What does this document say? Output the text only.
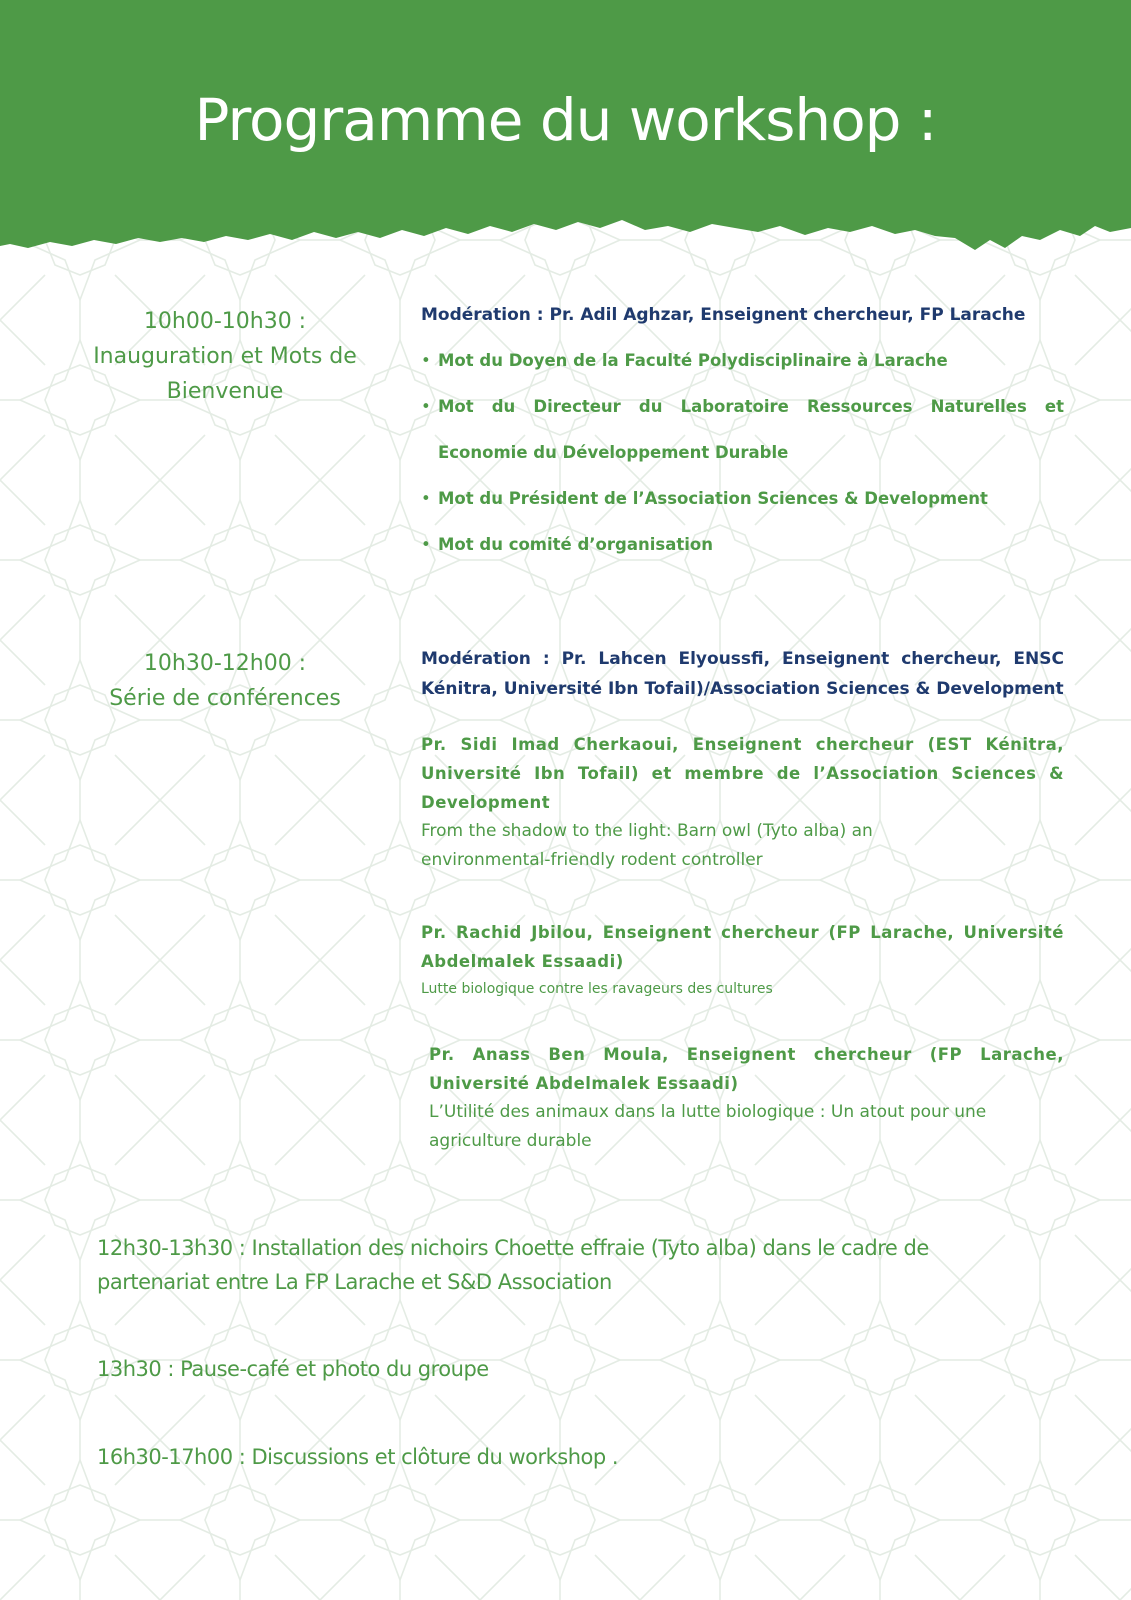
Programme du workshop :
10h00-10h30 :
Inauguration et Mots de Bienvenue
Modération : Pr. Adil Aghzar, Enseignent chercheur, FP Larache
• Mot du Doyen de la Faculté Polydisciplinaire à Larache
• Mot du Directeur du Laboratoire Ressources Naturelles et Economie du Développement Durable
• Mot du Président de l’Association Sciences & Development
• Mot du comité d’organisation
10h30-12h00 :
Série de conférences
Modération : Pr. Lahcen Elyoussfi, Enseignent chercheur, ENSC Kénitra, Université Ibn Tofail)/Association Sciences & Development
Pr. Sidi Imad Cherkaoui, Enseignent chercheur (EST Kénitra, Université Ibn Tofail) et membre de l’Association Sciences & Development
From the shadow to the light: Barn owl (Tyto alba) an environmental-friendly rodent controller
Pr. Rachid Jbilou, Enseignent chercheur (FP Larache, Université Abdelmalek Essaadi)
Lutte biologique contre les ravageurs des cultures
Pr. Anass Ben Moula, Enseignent chercheur (FP Larache, Université Abdelmalek Essaadi)
L’Utilité des animaux dans la lutte biologique : Un atout pour une agriculture durable
12h30-13h30 : Installation des nichoirs Choette effraie (Tyto alba) dans le cadre de partenariat entre La FP Larache et S&D Association
13h30 : Pause-café et photo du groupe
16h30-17h00 : Discussions et clôture du workshop .
